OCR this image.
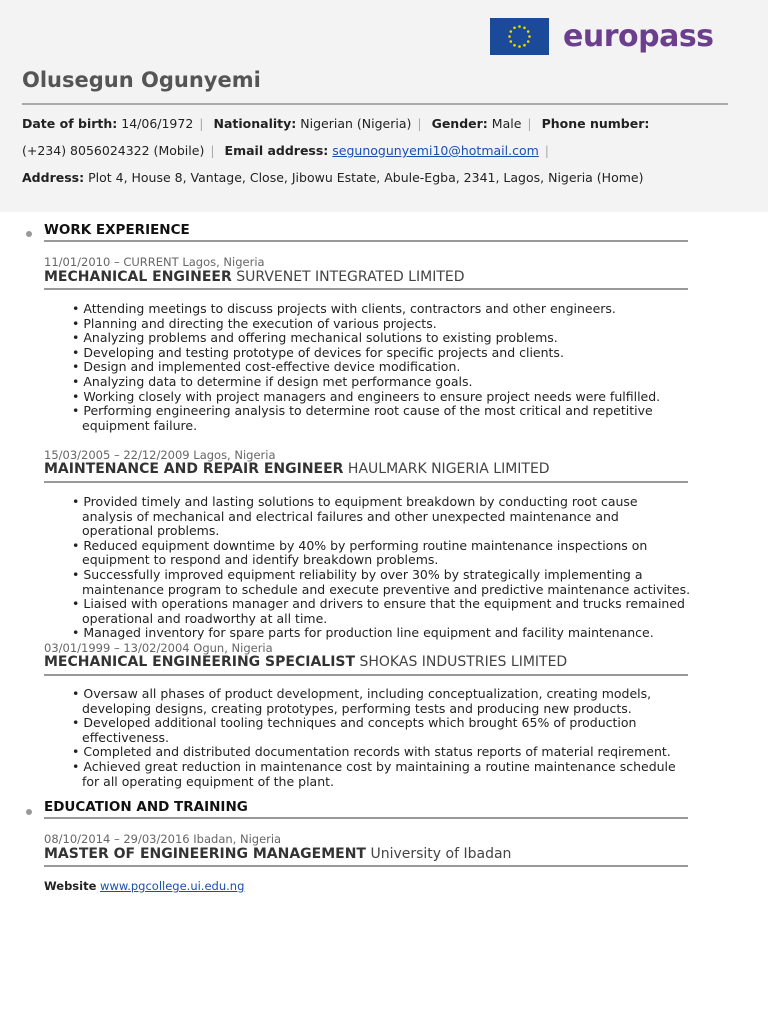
europass
Olusegun Ogunyemi
Date of birth: 14/06/1972 | Nationality: Nigerian (Nigeria) | Gender: Male | Phone number:
(+234) 8056024322 (Mobile) | Email address: segunogunyemi10@hotmail.com |
Address: Plot 4, House 8, Vantage, Close, Jibowu Estate, Abule-Egba, 2341, Lagos, Nigeria (Home)
WORK EXPERIENCE
11/01/2010 – CURRENT Lagos, Nigeria
MECHANICAL ENGINEER SURVENET INTEGRATED LIMITED
• Attending meetings to discuss projects with clients, contractors and other engineers.
• Planning and directing the execution of various projects.
• Analyzing problems and offering mechanical solutions to existing problems.
• Developing and testing prototype of devices for specific projects and clients.
• Design and implemented cost-effective device modification.
• Analyzing data to determine if design met performance goals.
• Working closely with project managers and engineers to ensure project needs were fulfilled.
• Performing engineering analysis to determine root cause of the most critical and repetitive equipment failure.
15/03/2005 – 22/12/2009 Lagos, Nigeria
MAINTENANCE AND REPAIR ENGINEER HAULMARK NIGERIA LIMITED
• Provided timely and lasting solutions to equipment breakdown by conducting root cause analysis of mechanical and electrical failures and other unexpected maintenance and operational problems.
• Reduced equipment downtime by 40% by performing routine maintenance inspections on equipment to respond and identify breakdown problems.
• Successfully improved equipment reliability by over 30% by strategically implementing a maintenance program to schedule and execute preventive and predictive maintenance activites.
• Liaised with operations manager and drivers to ensure that the equipment and trucks remained operational and roadworthy at all time.
• Managed inventory for spare parts for production line equipment and facility maintenance.
03/01/1999 – 13/02/2004 Ogun, Nigeria
MECHANICAL ENGINEERING SPECIALIST SHOKAS INDUSTRIES LIMITED
• Oversaw all phases of product development, including conceptualization, creating models, developing designs, creating prototypes, performing tests and producing new products.
• Developed additional tooling techniques and concepts which brought 65% of production effectiveness.
• Completed and distributed documentation records with status reports of material reqirement.
• Achieved great reduction in maintenance cost by maintaining a routine maintenance schedule for all operating equipment of the plant.
EDUCATION AND TRAINING
08/10/2014 – 29/03/2016 Ibadan, Nigeria
MASTER OF ENGINEERING MANAGEMENT University of Ibadan
Website www.pgcollege.ui.edu.ng
